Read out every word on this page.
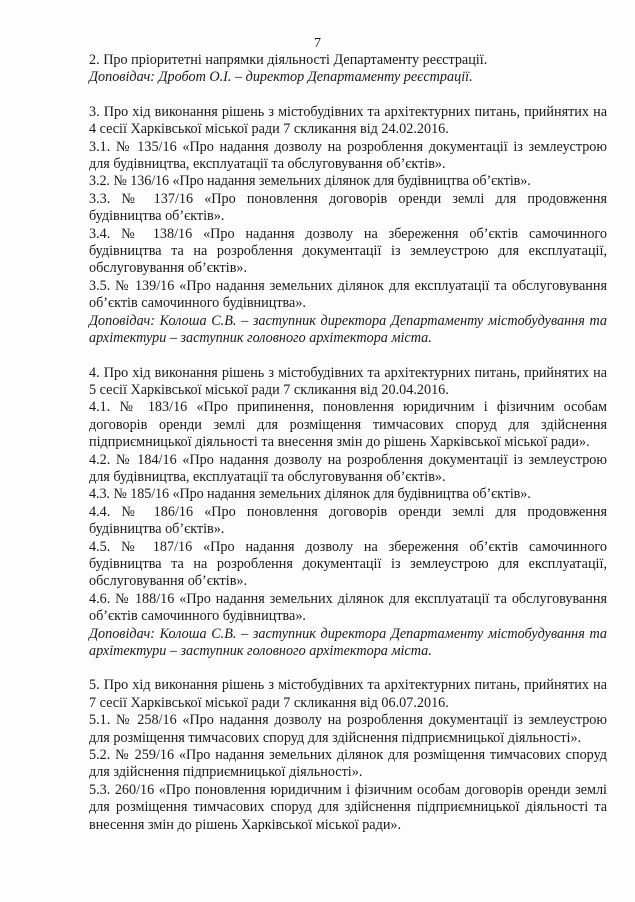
7

2. Про пріоритетні напрямки діяльності Департаменту реєстрації.

Доповідач: Дробот О.І. – директор Департаменту реєстрації.

3. Про хід виконання рішень з містобудівних та архітектурних питань, прийнятих на 4 сесії Харківської міської ради 7 скликання від 24.02.2016.

3.1. № 135/16 «Про надання дозволу на розроблення документації із землеустрою для будівництва, експлуатації та обслуговування об’єктів».

3.2. № 136/16 «Про надання земельних ділянок для будівництва об’єктів».

3.3. № 137/16 «Про поновлення договорів оренди землі для продовження будівництва об’єктів».

3.4. № 138/16 «Про надання дозволу на збереження об’єктів самочинного будівництва та на розроблення документації із землеустрою для експлуатації, обслуговування об’єктів».

3.5. № 139/16 «Про надання земельних ділянок для експлуатації та обслуговування об’єктів самочинного будівництва».

Доповідач: Колоша С.В. – заступник директора Департаменту містобудування та архітектури – заступник головного архітектора міста.

4. Про хід виконання рішень з містобудівних та архітектурних питань, прийнятих на 5 сесії Харківської міської ради 7 скликання від 20.04.2016.

4.1. № 183/16 «Про припинення, поновлення юридичним і фізичним особам договорів оренди землі для розміщення тимчасових споруд для здійснення підприємницької діяльності та внесення змін до рішень Харківської міської ради».

4.2. № 184/16 «Про надання дозволу на розроблення документації із землеустрою для будівництва, експлуатації та обслуговування об’єктів».

4.3. № 185/16 «Про надання земельних ділянок для будівництва об’єктів».

4.4. № 186/16 «Про поновлення договорів оренди землі для продовження будівництва об’єктів».

4.5. № 187/16 «Про надання дозволу на збереження об’єктів самочинного будівництва та на розроблення документації із землеустрою для експлуатації, обслуговування об’єктів».

4.6. № 188/16 «Про надання земельних ділянок для експлуатації та обслуговування об’єктів самочинного будівництва».

Доповідач: Колоша С.В. – заступник директора Департаменту містобудування та архітектури – заступник головного архітектора міста.

5. Про хід виконання рішень з містобудівних та архітектурних питань, прийнятих на 7 сесії Харківської міської ради 7 скликання від 06.07.2016.

5.1. № 258/16 «Про надання дозволу на розроблення документації із землеустрою для розміщення тимчасових споруд для здійснення підприємницької діяльності».

5.2. № 259/16 «Про надання земельних ділянок для розміщення тимчасових споруд для здійснення підприємницької діяльності».

5.3. 260/16 «Про поновлення юридичним і фізичним особам договорів оренди землі для розміщення тимчасових споруд для здійснення підприємницької діяльності та внесення змін до рішень Харківської міської ради».
